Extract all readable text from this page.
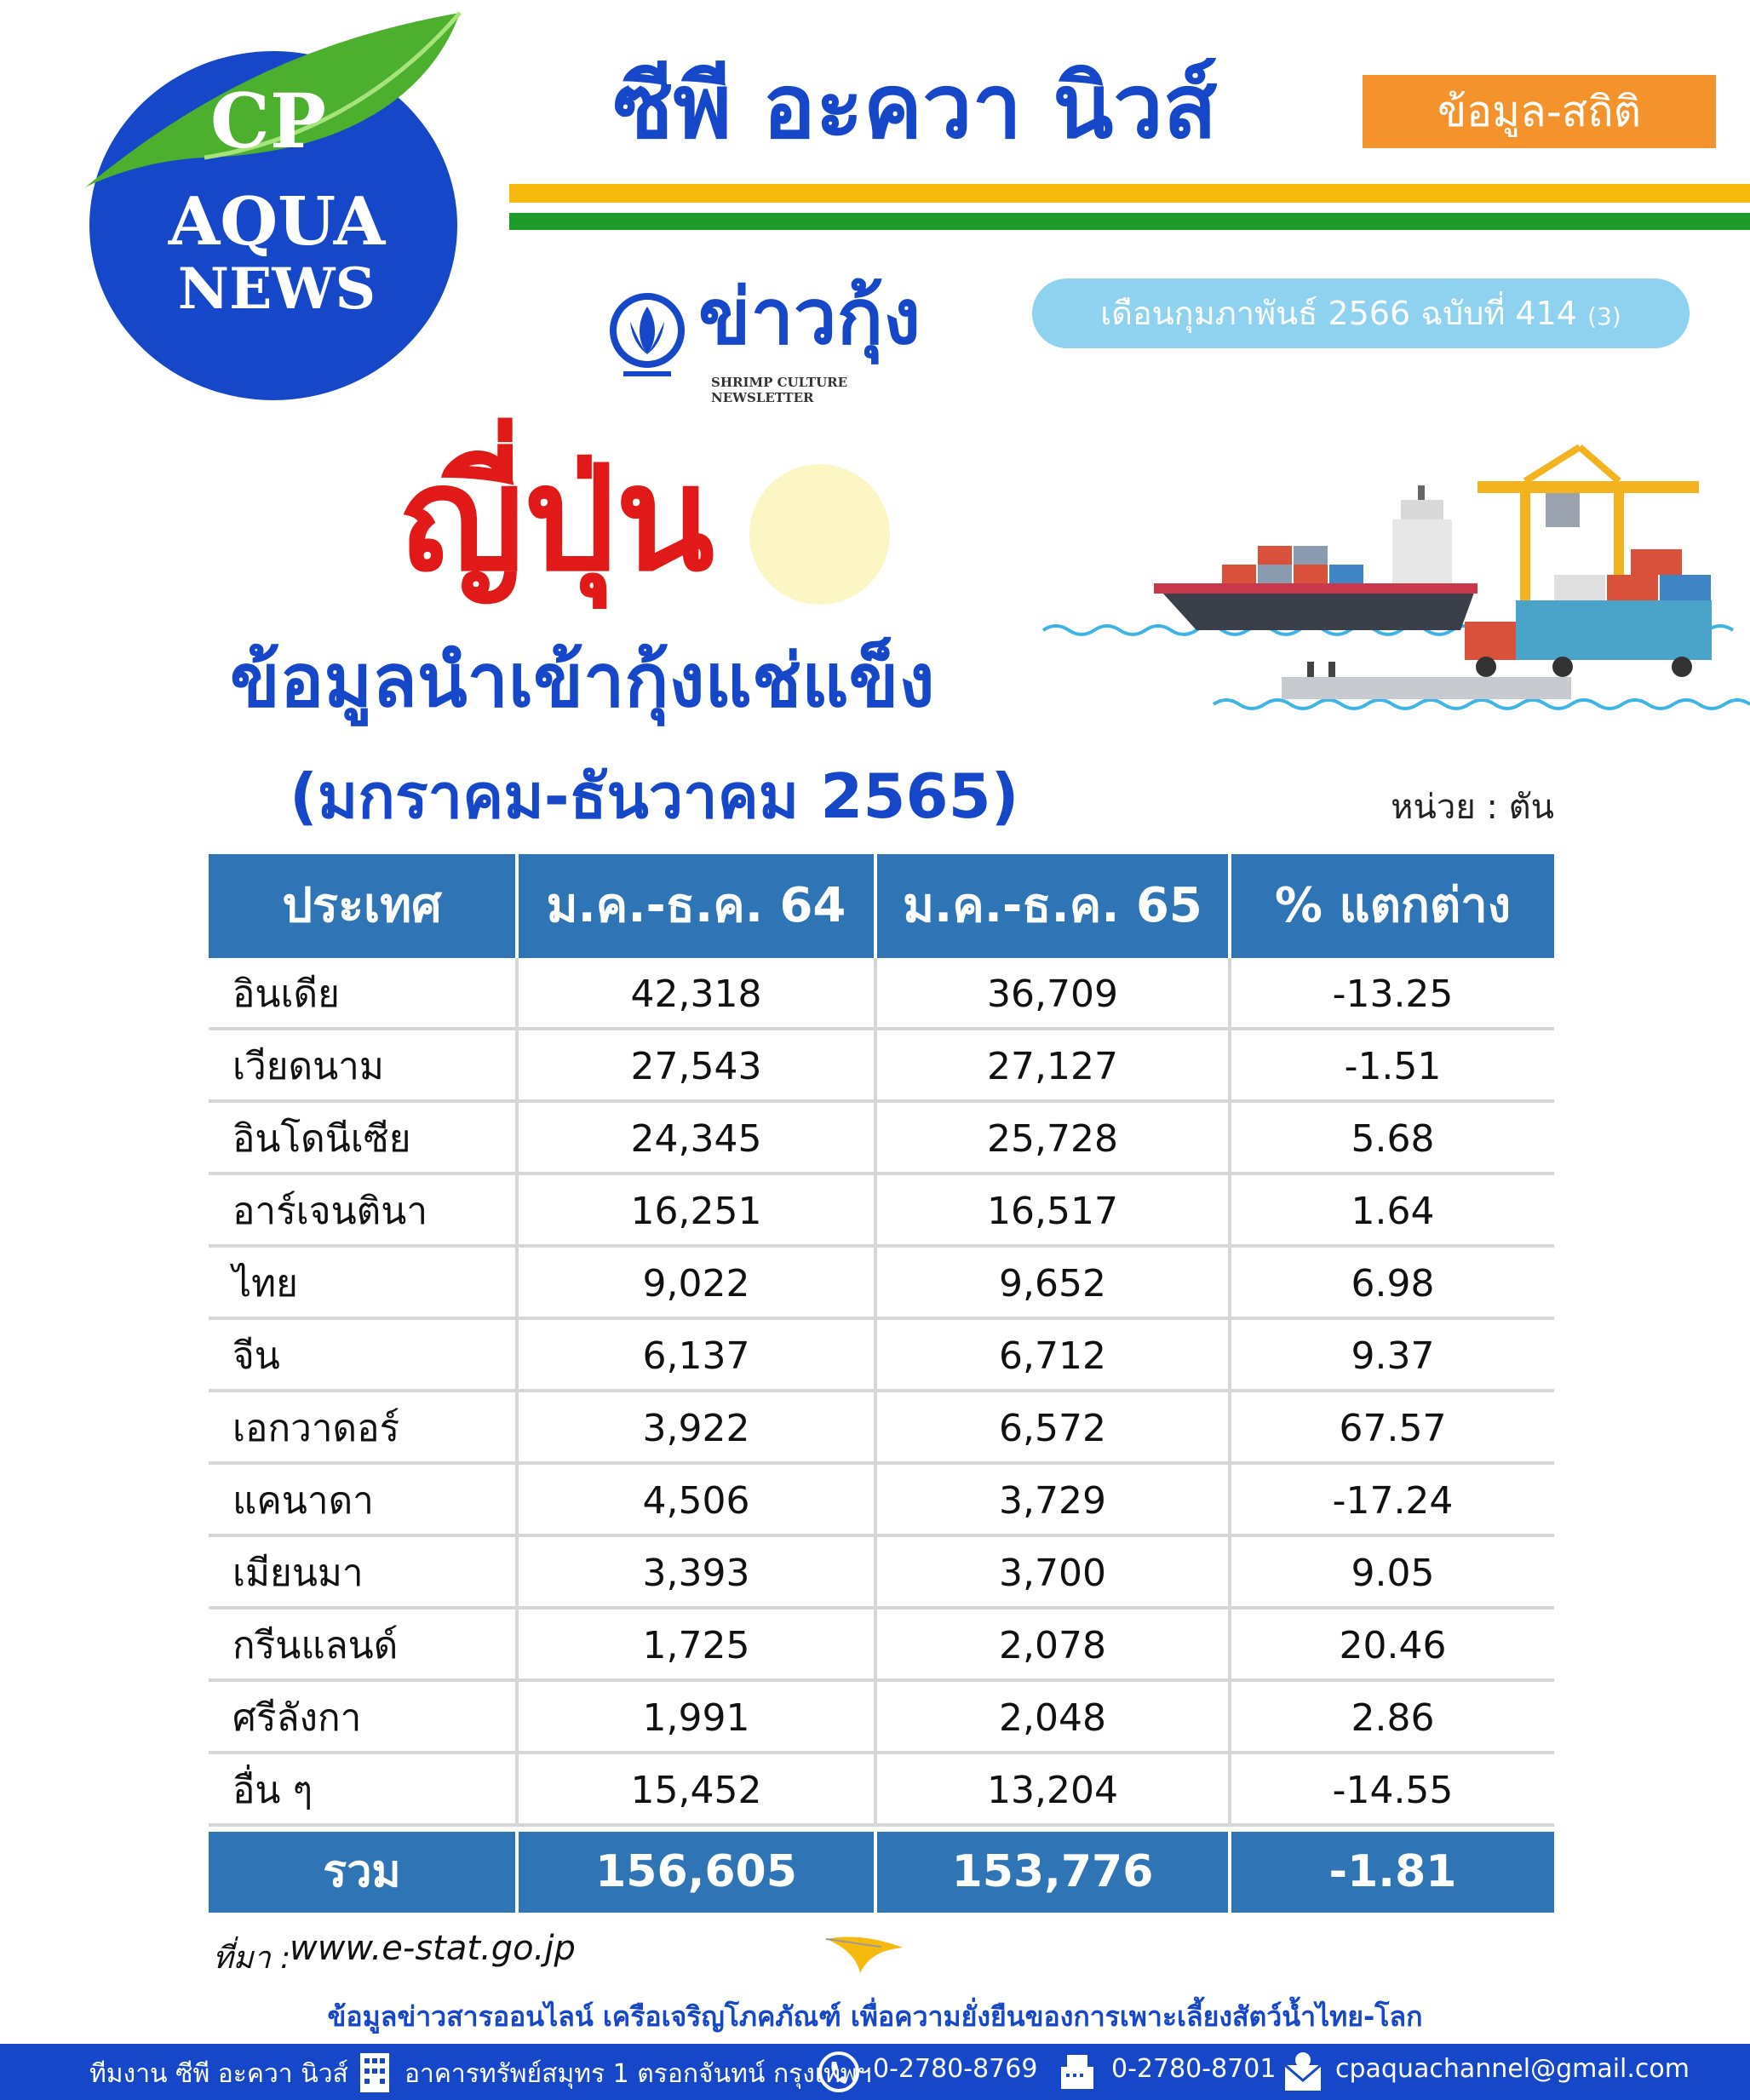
CP
AQUA
NEWS
ซีพี อะควา นิวส์	ข้อมูล-สถิติ
ข่าวกุ้ง
SHRIMP CULTURE NEWSLETTER
เดือนกุมภาพันธ์ 2566 ฉบับที่ 414 (3)
ญี่ปุ่น
ข้อมูลนำเข้ากุ้งแช่แข็ง
(มกราคม-ธันวาคม 2565)	หน่วย : ตัน
ประเทศ	ม.ค.-ธ.ค. 64	ม.ค.-ธ.ค. 65	% แตกต่าง
อินเดีย	42,318	36,709	-13.25
เวียดนาม	27,543	27,127	-1.51
อินโดนีเซีย	24,345	25,728	5.68
อาร์เจนตินา	16,251	16,517	1.64
ไทย	9,022	9,652	6.98
จีน	6,137	6,712	9.37
เอกวาดอร์	3,922	6,572	67.57
แคนาดา	4,506	3,729	-17.24
เมียนมา	3,393	3,700	9.05
กรีนแลนด์	1,725	2,078	20.46
ศรีลังกา	1,991	2,048	2.86
อื่น ๆ	15,452	13,204	-14.55
รวม	156,605	153,776	-1.81
ที่มา :
www.e-stat.go.jp
ข้อมูลข่าวสารออนไลน์ เครือเจริญโภคภัณฑ์ เพื่อความยั่งยืนของการเพาะเลี้ยงสัตว์น้ำไทย-โลก
ทีมงาน ซีพี อะควา นิวส์ อาคารทรัพย์สมุทร 1 ตรอกจันทน์ กรุงเทพฯ 0-2780-8769	0-2780-8701 cpaquachannel@gmail.com
